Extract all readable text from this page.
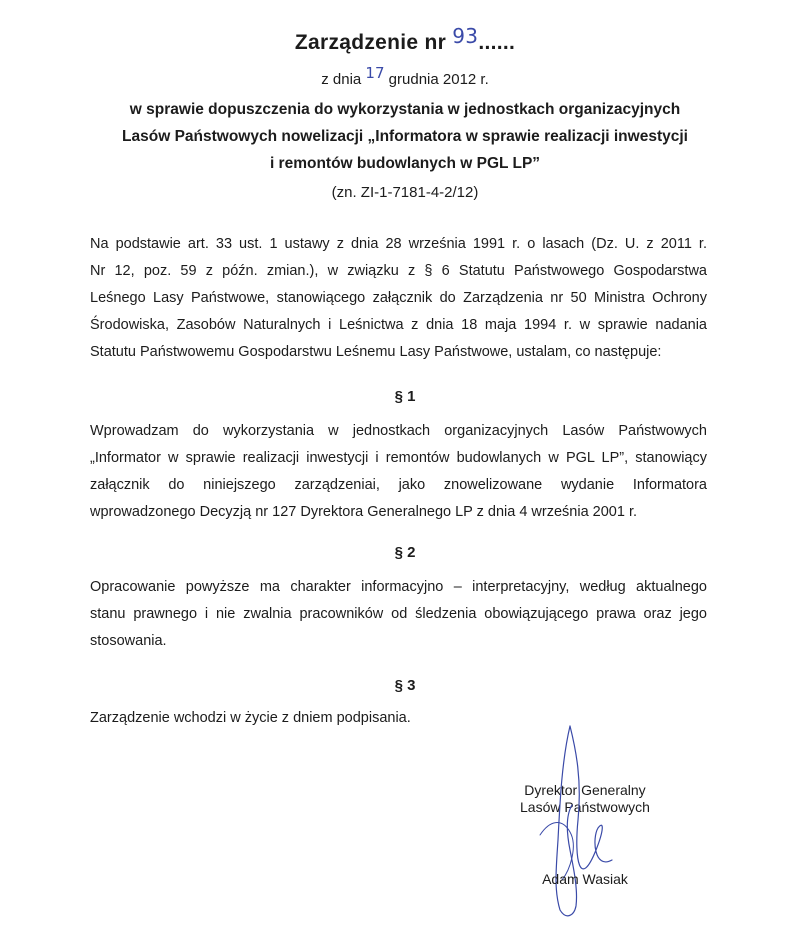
Zarządzenie nr 93......
z dnia 17 grudnia 2012 r.
w sprawie dopuszczenia do wykorzystania w jednostkach organizacyjnych
Lasów Państwowych nowelizacji „Informatora w sprawie realizacji inwestycji
i remontów budowlanych w PGL LP”
(zn. ZI-1-7181-4-2/12)
Na podstawie art. 33 ust. 1 ustawy z dnia 28 września 1991 r. o lasach (Dz. U. z 2011 r.
Nr 12, poz. 59 z późn. zmian.), w związku z § 6 Statutu Państwowego Gospodarstwa
Leśnego Lasy Państwowe, stanowiącego załącznik do Zarządzenia nr 50 Ministra Ochrony
Środowiska, Zasobów Naturalnych i Leśnictwa z dnia 18 maja 1994 r. w sprawie nadania
Statutu Państwowemu Gospodarstwu Leśnemu Lasy Państwowe, ustalam, co następuje:
§ 1
Wprowadzam do wykorzystania w jednostkach organizacyjnych Lasów Państwowych
„Informator w sprawie realizacji inwestycji i remontów budowlanych w PGL LP”, stanowiący
załącznik do niniejszego zarządzeniai, jako znowelizowane wydanie Informatora
wprowadzonego Decyzją nr 127 Dyrektora Generalnego LP z dnia 4 września 2001 r.
§ 2
Opracowanie powyższe ma charakter informacyjno – interpretacyjny, według aktualnego
stanu prawnego i nie zwalnia pracowników od śledzenia obowiązującego prawa oraz jego
stosowania.
§ 3
Zarządzenie wchodzi w życie z dniem podpisania.
Dyrektor Generalny
Lasów Państwowych
Adam Wasiak
